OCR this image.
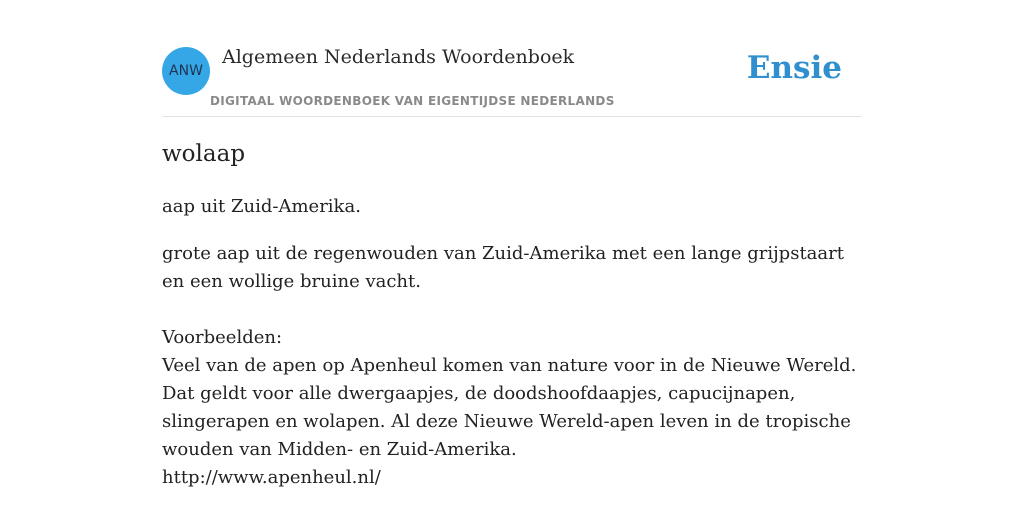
ANW
Algemeen Nederlands Woordenboek
DIGITAAL WOORDENBOEK VAN EIGENTIJDSE NEDERLANDS
Ensie
wolaap

aap uit Zuid-Amerika.

grote aap uit de regenwouden van Zuid-Amerika met een lange grijpstaart en een wollige bruine vacht.

Voorbeelden:
Veel van de apen op Apenheul komen van nature voor in de Nieuwe Wereld. Dat geldt voor alle dwergaapjes, de doodshoofdaapjes, capucijnapen, slingerapen en wolapen. Al deze Nieuwe Wereld-apen leven in de tropische wouden van Midden- en Zuid-Amerika.
http://www.apenheul.nl/
